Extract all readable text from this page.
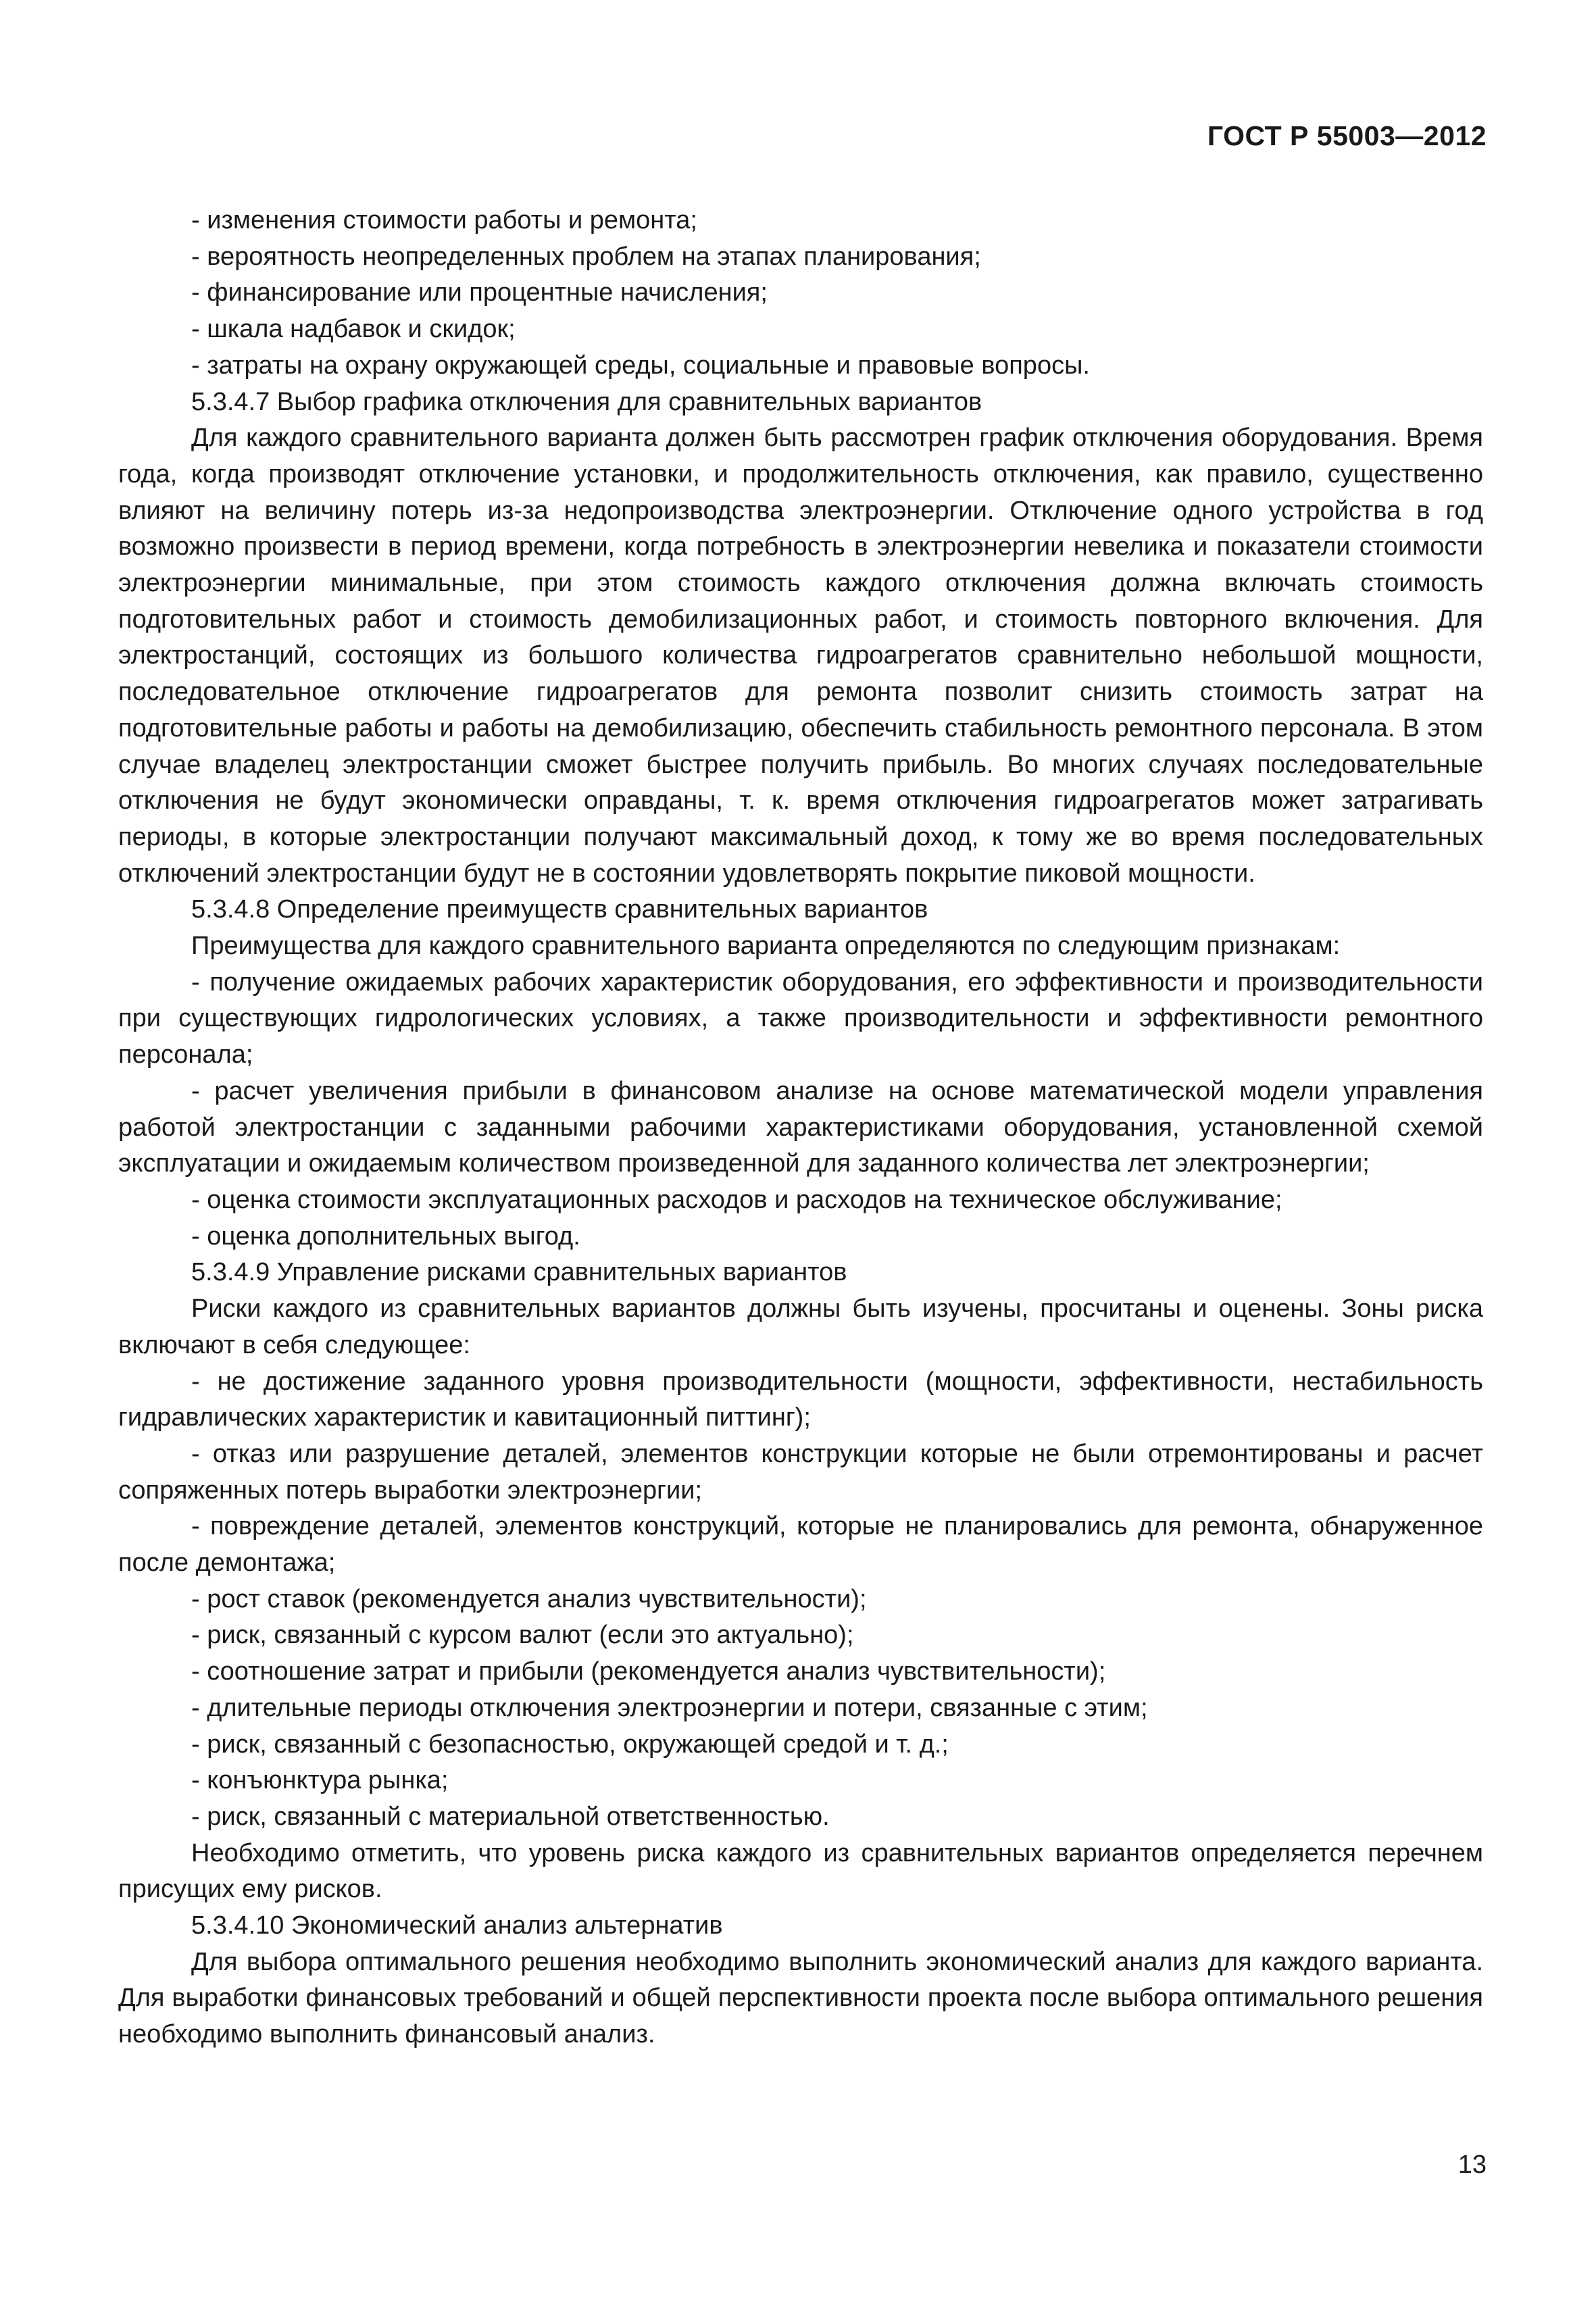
ГОСТ Р 55003—2012

- изменения стоимости работы и ремонта;

- вероятность неопределенных проблем на этапах планирования;

- финансирование или процентные начисления;

- шкала надбавок и скидок;

- затраты на охрану окружающей среды, социальные и правовые вопросы.

5.3.4.7 Выбор графика отключения для сравнительных вариантов

Для каждого сравнительного варианта должен быть рассмотрен график отключения оборудования. Время года, когда производят отключение установки, и продолжительность отключения, как правило, существенно влияют на величину потерь из-за недопроизводства электроэнергии. Отключение одного устройства в год возможно произвести в период времени, когда потребность в электроэнергии невелика и показатели стоимости электроэнергии минимальные, при этом стоимость каждого отключения должна включать стоимость подготовительных работ и стоимость демобилизационных работ, и стоимость повторного включения. Для электростанций, состоящих из большого количества гидроагрегатов сравнительно небольшой мощности, последовательное отключение гидроагрегатов для ремонта позволит снизить стоимость затрат на подготовительные работы и работы на демобилизацию, обеспечить стабильность ремонтного персонала. В этом случае владелец электростанции сможет быстрее получить прибыль. Во многих случаях последовательные отключения не будут экономически оправданы, т. к. время отключения гидроагрегатов может затрагивать периоды, в которые электростанции получают максимальный доход, к тому же во время последовательных отключений электростанции будут не в состоянии удовлетворять покрытие пиковой мощности.

5.3.4.8 Определение преимуществ сравнительных вариантов

Преимущества для каждого сравнительного варианта определяются по следующим признакам:

- получение ожидаемых рабочих характеристик оборудования, его эффективности и производительности при существующих гидрологических условиях, а также производительности и эффективности ремонтного персонала;

- расчет увеличения прибыли в финансовом анализе на основе математической модели управления работой электростанции с заданными рабочими характеристиками оборудования, установленной схемой эксплуатации и ожидаемым количеством произведенной для заданного количества лет электроэнергии;

- оценка стоимости эксплуатационных расходов и расходов на техническое обслуживание;

- оценка дополнительных выгод.

5.3.4.9 Управление рисками сравнительных вариантов

Риски каждого из сравнительных вариантов должны быть изучены, просчитаны и оценены. Зоны риска включают в себя следующее:

- не достижение заданного уровня производительности (мощности, эффективности, нестабильность гидравлических характеристик и кавитационный питтинг);

- отказ или разрушение деталей, элементов конструкции которые не были отремонтированы и расчет сопряженных потерь выработки электроэнергии;

- повреждение деталей, элементов конструкций, которые не планировались для ремонта, обнаруженное после демонтажа;

- рост ставок (рекомендуется анализ чувствительности);

- риск, связанный с курсом валют (если это актуально);

- соотношение затрат и прибыли (рекомендуется анализ чувствительности);

- длительные периоды отключения электроэнергии и потери, связанные с этим;

- риск, связанный с безопасностью, окружающей средой и т. д.;

- конъюнктура рынка;

- риск, связанный с материальной ответственностью.

Необходимо отметить, что уровень риска каждого из сравнительных вариантов определяется перечнем присущих ему рисков.

5.3.4.10 Экономический анализ альтернатив

Для выбора оптимального решения необходимо выполнить экономический анализ для каждого варианта. Для выработки финансовых требований и общей перспективности проекта после выбора оптимального решения необходимо выполнить финансовый анализ.

13
